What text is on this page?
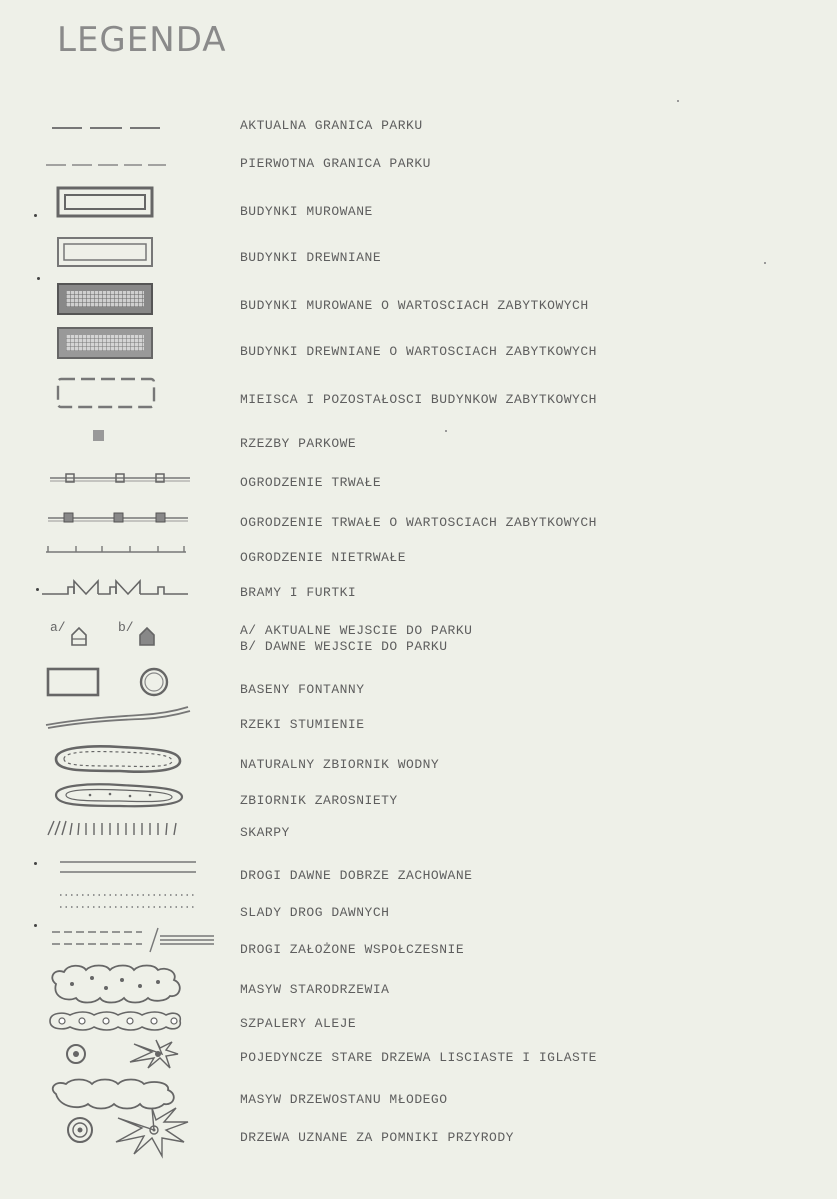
LEGENDA
AKTUALNA GRANICA PARKU
PIERWOTNA GRANICA PARKU
BUDYNKI MUROWANE
BUDYNKI DREWNIANE
BUDYNKI MUROWANE O WARTOSCIACH ZABYTKOWYCH
BUDYNKI DREWNIANE O WARTOSCIACH ZABYTKOWYCH
MIEISCA I POZOSTAŁOSCI BUDYNKOW ZABYTKOWYCH
RZEZBY PARKOWE
OGRODZENIE TRWAŁE
OGRODZENIE TRWAŁE O WARTOSCIACH ZABYTKOWYCH
OGRODZENIE NIETRWAŁE
BRAMY I FURTKI
a/	b/	A/ AKTUALNE WEJSCIE DO PARKU
B/ DAWNE WEJSCIE DO PARKU
BASENY FONTANNY
RZEKI STUMIENIE
NATURALNY ZBIORNIK WODNY
ZBIORNIK ZAROSNIETY
SKARPY
DROGI DAWNE DOBRZE ZACHOWANE
SLADY DROG DAWNYCH
DROGI ZAŁOŻONE WSPOŁCZESNIE
MASYW STARODRZEWIA
SZPALERY ALEJE
POJEDYNCZE STARE DRZEWA LISCIASTE I IGLASTE
MASYW DRZEWOSTANU MŁODEGO
DRZEWA UZNANE ZA POMNIKI PRZYRODY
